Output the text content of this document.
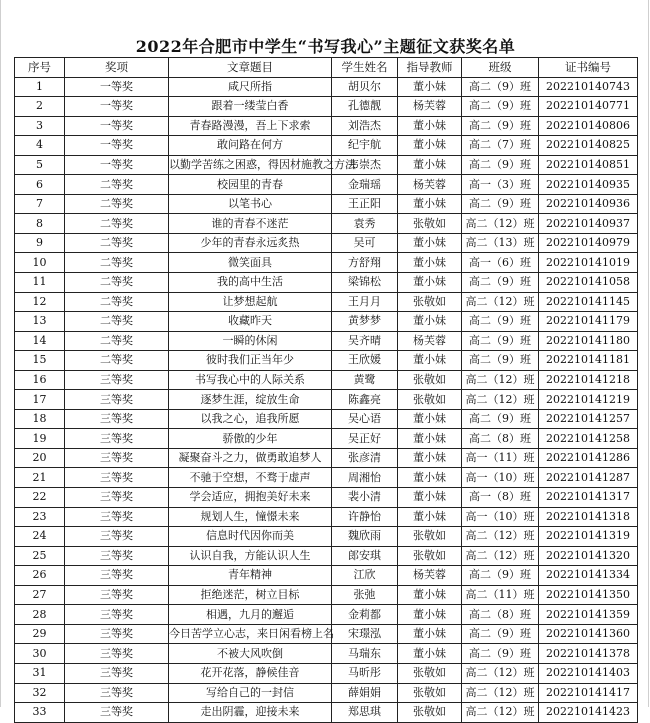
2022年合肥市中学生“书写我心”主题征文获奖名单
序号	奖项	文章题目	学生姓名	指导教师	班级	证书编号
1	一等奖	咸尺所指	胡贝尔	董小妹	高二（9）班	202210140743
2	一等奖	跟着一缕莹白香	孔德靓	杨芙蓉	高二（9）班	202210140771
3	一等奖	青春路漫漫，吾上下求索	刘浩杰	董小妹	高二（9）班	202210140806
4	一等奖	敢问路在何方	纪宇航	董小妹	高二（7）班	202210140825
5	一等奖	以勤学苦练之困惑，得因材施教之方法	韦崇杰	董小妹	高二（9）班	202210140851
6	二等奖	校园里的青春	金瑞瑶	杨芙蓉	高一（3）班	202210140935
7	二等奖	以笔书心	王正阳	董小妹	高二（9）班	202210140936
8	二等奖	谁的青春不迷茫	袁秀	张敬如	高二（12）班	202210140937
9	二等奖	少年的青春永远炙热	吴可	董小妹	高二（13）班	202210140979
10	二等奖	微笑面具	方舒翔	董小妹	高一（6）班	202210141019
11	二等奖	我的高中生活	梁锦松	董小妹	高二（9）班	202210141058
12	二等奖	让梦想起航	王月月	张敬如	高二（12）班	202210141145
13	二等奖	收藏昨天	黄梦梦	董小妹	高二（9）班	202210141179
14	二等奖	一瞬的休闲	吴齐晴	杨芙蓉	高二（9）班	202210141180
15	二等奖	彼时我们正当年少	王欣媛	董小妹	高二（9）班	202210141181
16	三等奖	书写我心中的人际关系	黄鹭	张敬如	高二（12）班	202210141218
17	三等奖	逐梦生涯，绽放生命	陈鑫亮	张敬如	高二（12）班	202210141219
18	三等奖	以我之心，追我所愿	吴心语	董小妹	高二（9）班	202210141257
19	三等奖	骄傲的少年	吴正好	董小妹	高二（8）班	202210141258
20	三等奖	凝聚奋斗之力，做勇敢追梦人	张彦清	董小妹	高一（11）班	202210141286
21	三等奖	不驰于空想，不骛于虚声	周湘怡	董小妹	高一（10）班	202210141287
22	三等奖	学会适应，拥抱美好未来	裴小清	董小妹	高一（8）班	202210141317
23	三等奖	规划人生，憧憬未来	许静怡	董小妹	高一（10）班	202210141318
24	三等奖	信息时代因你而美	魏欣雨	张敬如	高二（12）班	202210141319
25	三等奖	认识自我，方能认识人生	郎安琪	张敬如	高二（12）班	202210141320
26	三等奖	青年精神	江欣	杨芙蓉	高二（9）班	202210141334
27	三等奖	拒绝迷茫，树立目标	张弛	董小妹	高二（11）班	202210141350
28	三等奖	相遇，九月的邂逅	金莉都	董小妹	高二（8）班	202210141359
29	三等奖	今日苦学立心志，来日闲看榜上名	宋璟泓	董小妹	高二（9）班	202210141360
30	三等奖	不被大风吹倒	马瑞东	董小妹	高二（9）班	202210141378
31	三等奖	花开花落，静候佳音	马昕彤	张敬如	高二（12）班	202210141403
32	三等奖	写给自己的一封信	薛娟娟	张敬如	高二（12）班	202210141417
33	三等奖	走出阴霾，迎接未来	郑思琪	张敬如	高二（12）班	202210141423
